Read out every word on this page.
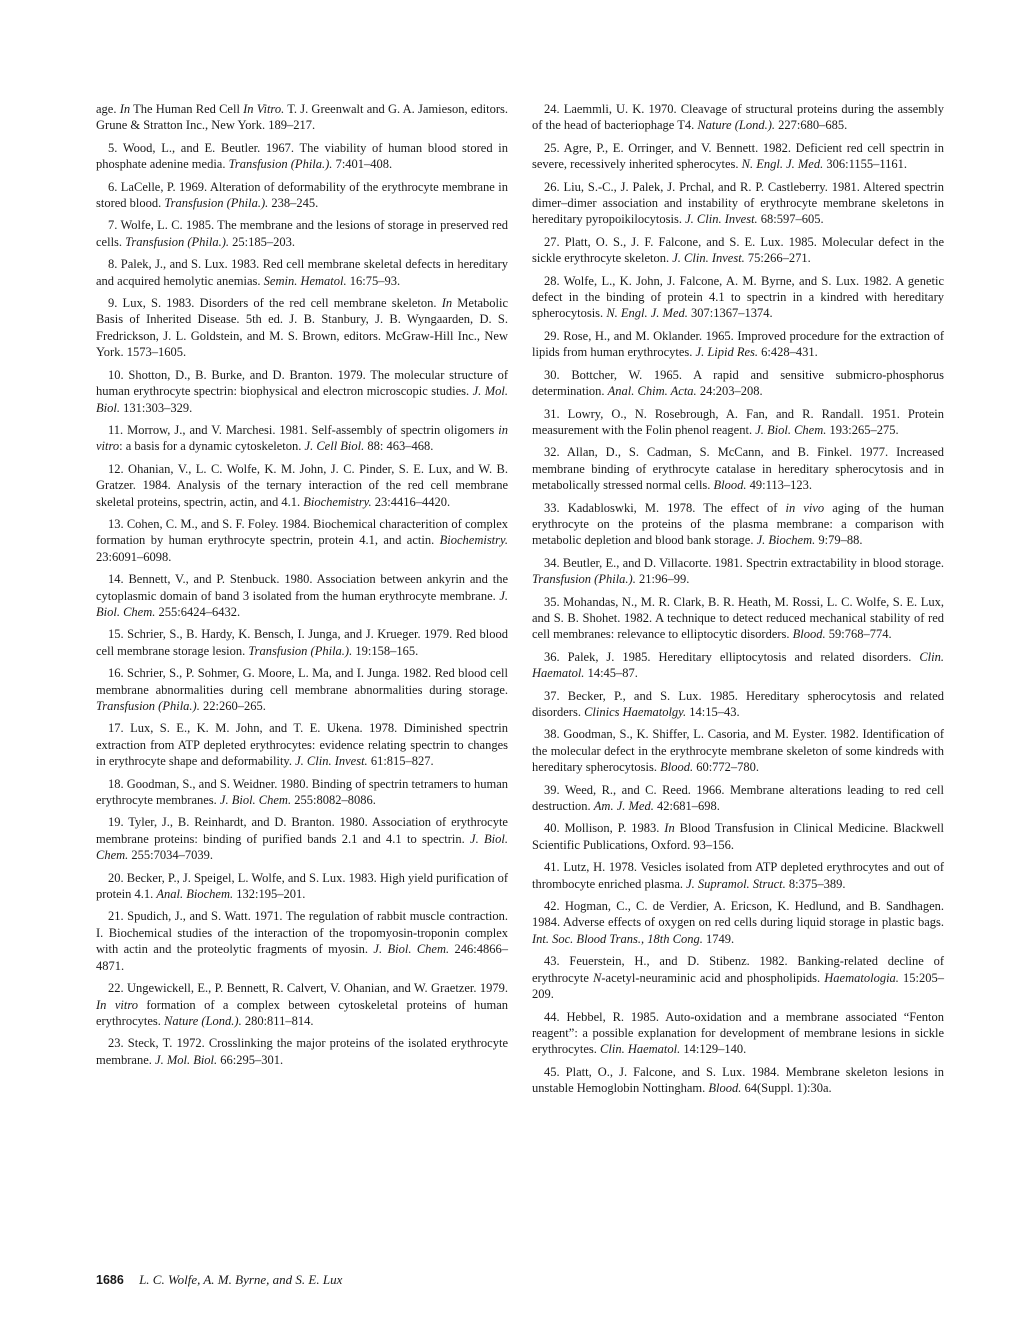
age. In The Human Red Cell In Vitro. T. J. Greenwalt and G. A. Jamieson, editors. Grune & Stratton Inc., New York. 189–217.

5. Wood, L., and E. Beutler. 1967. The viability of human blood stored in phosphate adenine media. Transfusion (Phila.). 7:401–408.

6. LaCelle, P. 1969. Alteration of deformability of the erythrocyte membrane in stored blood. Transfusion (Phila.). 238–245.

7. Wolfe, L. C. 1985. The membrane and the lesions of storage in preserved red cells. Transfusion (Phila.). 25:185–203.

8. Palek, J., and S. Lux. 1983. Red cell membrane skeletal defects in hereditary and acquired hemolytic anemias. Semin. Hematol. 16:75–93.

9. Lux, S. 1983. Disorders of the red cell membrane skeleton. In Metabolic Basis of Inherited Disease. 5th ed. J. B. Stanbury, J. B. Wyngaarden, D. S. Fredrickson, J. L. Goldstein, and M. S. Brown, editors. McGraw-Hill Inc., New York. 1573–1605.

10. Shotton, D., B. Burke, and D. Branton. 1979. The molecular structure of human erythrocyte spectrin: biophysical and electron microscopic studies. J. Mol. Biol. 131:303–329.

11. Morrow, J., and V. Marchesi. 1981. Self-assembly of spectrin oligomers in vitro: a basis for a dynamic cytoskeleton. J. Cell Biol. 88: 463–468.

12. Ohanian, V., L. C. Wolfe, K. M. John, J. C. Pinder, S. E. Lux, and W. B. Gratzer. 1984. Analysis of the ternary interaction of the red cell membrane skeletal proteins, spectrin, actin, and 4.1. Biochemistry. 23:4416–4420.

13. Cohen, C. M., and S. F. Foley. 1984. Biochemical characterition of complex formation by human erythrocyte spectrin, protein 4.1, and actin. Biochemistry. 23:6091–6098.

14. Bennett, V., and P. Stenbuck. 1980. Association between ankyrin and the cytoplasmic domain of band 3 isolated from the human erythrocyte membrane. J. Biol. Chem. 255:6424–6432.

15. Schrier, S., B. Hardy, K. Bensch, I. Junga, and J. Krueger. 1979. Red blood cell membrane storage lesion. Transfusion (Phila.). 19:158–165.

16. Schrier, S., P. Sohmer, G. Moore, L. Ma, and I. Junga. 1982. Red blood cell membrane abnormalities during cell membrane abnormalities during storage. Transfusion (Phila.). 22:260–265.

17. Lux, S. E., K. M. John, and T. E. Ukena. 1978. Diminished spectrin extraction from ATP depleted erythrocytes: evidence relating spectrin to changes in erythrocyte shape and deformability. J. Clin. Invest. 61:815–827.

18. Goodman, S., and S. Weidner. 1980. Binding of spectrin tetramers to human erythrocyte membranes. J. Biol. Chem. 255:8082–8086.

19. Tyler, J., B. Reinhardt, and D. Branton. 1980. Association of erythrocyte membrane proteins: binding of purified bands 2.1 and 4.1 to spectrin. J. Biol. Chem. 255:7034–7039.

20. Becker, P., J. Speigel, L. Wolfe, and S. Lux. 1983. High yield purification of protein 4.1. Anal. Biochem. 132:195–201.

21. Spudich, J., and S. Watt. 1971. The regulation of rabbit muscle contraction. I. Biochemical studies of the interaction of the tropomyosin-troponin complex with actin and the proteolytic fragments of myosin. J. Biol. Chem. 246:4866–4871.

22. Ungewickell, E., P. Bennett, R. Calvert, V. Ohanian, and W. Graetzer. 1979. In vitro formation of a complex between cytoskeletal proteins of human erythrocytes. Nature (Lond.). 280:811–814.

23. Steck, T. 1972. Crosslinking the major proteins of the isolated erythrocyte membrane. J. Mol. Biol. 66:295–301.

24. Laemmli, U. K. 1970. Cleavage of structural proteins during the assembly of the head of bacteriophage T4. Nature (Lond.). 227:680–685.

25. Agre, P., E. Orringer, and V. Bennett. 1982. Deficient red cell spectrin in severe, recessively inherited spherocytes. N. Engl. J. Med. 306:1155–1161.

26. Liu, S.-C., J. Palek, J. Prchal, and R. P. Castleberry. 1981. Altered spectrin dimer–dimer association and instability of erythrocyte membrane skeletons in hereditary pyropoikilocytosis. J. Clin. Invest. 68:597–605.

27. Platt, O. S., J. F. Falcone, and S. E. Lux. 1985. Molecular defect in the sickle erythrocyte skeleton. J. Clin. Invest. 75:266–271.

28. Wolfe, L., K. John, J. Falcone, A. M. Byrne, and S. Lux. 1982. A genetic defect in the binding of protein 4.1 to spectrin in a kindred with hereditary spherocytosis. N. Engl. J. Med. 307:1367–1374.

29. Rose, H., and M. Oklander. 1965. Improved procedure for the extraction of lipids from human erythrocytes. J. Lipid Res. 6:428–431.

30. Bottcher, W. 1965. A rapid and sensitive submicro-phosphorus determination. Anal. Chim. Acta. 24:203–208.

31. Lowry, O., N. Rosebrough, A. Fan, and R. Randall. 1951. Protein measurement with the Folin phenol reagent. J. Biol. Chem. 193:265–275.

32. Allan, D., S. Cadman, S. McCann, and B. Finkel. 1977. Increased membrane binding of erythrocyte catalase in hereditary spherocytosis and in metabolically stressed normal cells. Blood. 49:113–123.

33. Kadabloswki, M. 1978. The effect of in vivo aging of the human erythrocyte on the proteins of the plasma membrane: a comparison with metabolic depletion and blood bank storage. J. Biochem. 9:79–88.

34. Beutler, E., and D. Villacorte. 1981. Spectrin extractability in blood storage. Transfusion (Phila.). 21:96–99.

35. Mohandas, N., M. R. Clark, B. R. Heath, M. Rossi, L. C. Wolfe, S. E. Lux, and S. B. Shohet. 1982. A technique to detect reduced mechanical stability of red cell membranes: relevance to elliptocytic disorders. Blood. 59:768–774.

36. Palek, J. 1985. Hereditary elliptocytosis and related disorders. Clin. Haematol. 14:45–87.

37. Becker, P., and S. Lux. 1985. Hereditary spherocytosis and related disorders. Clinics Haematolgy. 14:15–43.

38. Goodman, S., K. Shiffer, L. Casoria, and M. Eyster. 1982. Identification of the molecular defect in the erythrocyte membrane skeleton of some kindreds with hereditary spherocytosis. Blood. 60:772–780.

39. Weed, R., and C. Reed. 1966. Membrane alterations leading to red cell destruction. Am. J. Med. 42:681–698.

40. Mollison, P. 1983. In Blood Transfusion in Clinical Medicine. Blackwell Scientific Publications, Oxford. 93–156.

41. Lutz, H. 1978. Vesicles isolated from ATP depleted erythrocytes and out of thrombocyte enriched plasma. J. Supramol. Struct. 8:375–389.

42. Hogman, C., C. de Verdier, A. Ericson, K. Hedlund, and B. Sandhagen. 1984. Adverse effects of oxygen on red cells during liquid storage in plastic bags. Int. Soc. Blood Trans., 18th Cong. 1749.

43. Feuerstein, H., and D. Stibenz. 1982. Banking-related decline of erythrocyte N-acetyl-neuraminic acid and phospholipids. Haematologia. 15:205–209.

44. Hebbel, R. 1985. Auto-oxidation and a membrane associated “Fenton reagent”: a possible explanation for development of membrane lesions in sickle erythrocytes. Clin. Haematol. 14:129–140.

45. Platt, O., J. Falcone, and S. Lux. 1984. Membrane skeleton lesions in unstable Hemoglobin Nottingham. Blood. 64(Suppl. 1):30a.

1686 L. C. Wolfe, A. M. Byrne, and S. E. Lux
